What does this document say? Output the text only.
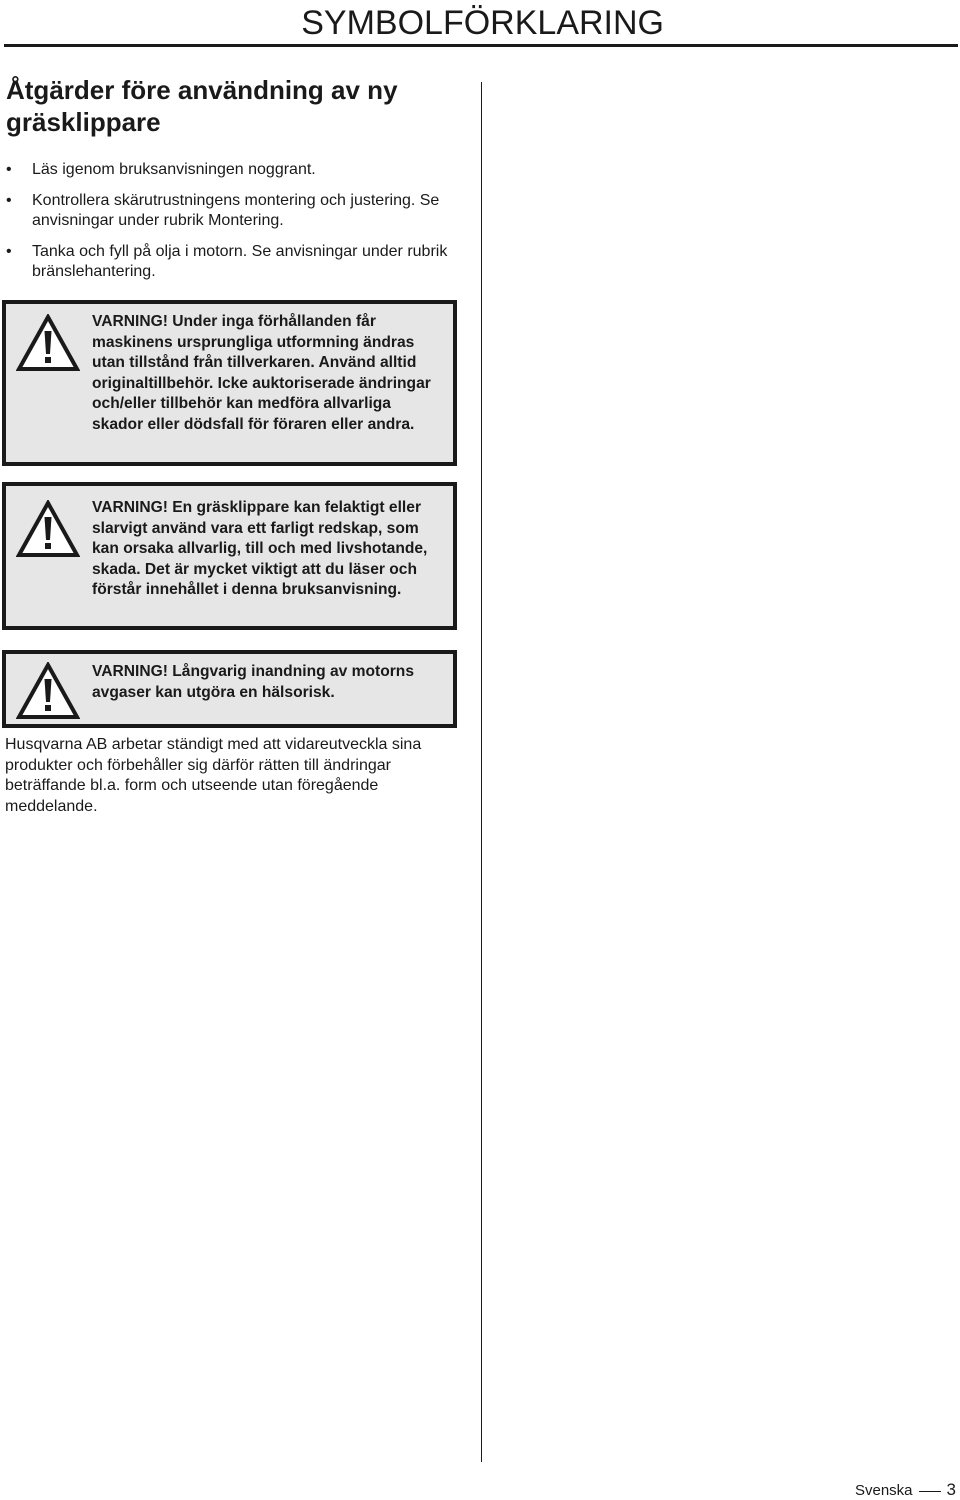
SYMBOLFÖRKLARING
Åtgärder före användning av ny
gräsklippare
• Läs igenom bruksanvisningen noggrant.
• Kontrollera skärutrustningens montering och justering. Se anvisningar under rubrik Montering.
• Tanka och fyll på olja i motorn. Se anvisningar under rubrik bränslehantering.
VARNING! Under inga förhållanden får maskinens ursprungliga utformning ändras utan tillstånd från tillverkaren. Använd alltid originaltillbehör. Icke auktoriserade ändringar och/eller tillbehör kan medföra allvarliga skador eller dödsfall för föraren eller andra.
VARNING! En gräsklippare kan felaktigt eller slarvigt använd vara ett farligt redskap, som kan orsaka allvarlig, till och med livshotande, skada. Det är mycket viktigt att du läser och förstår innehållet i denna bruksanvisning.
VARNING! Långvarig inandning av motorns avgaser kan utgöra en hälsorisk.
Husqvarna AB arbetar ständigt med att vidareutveckla sina produkter och förbehåller sig därför rätten till ändringar beträffande bl.a. form och utseende utan föregående meddelande.
Svenska 3
